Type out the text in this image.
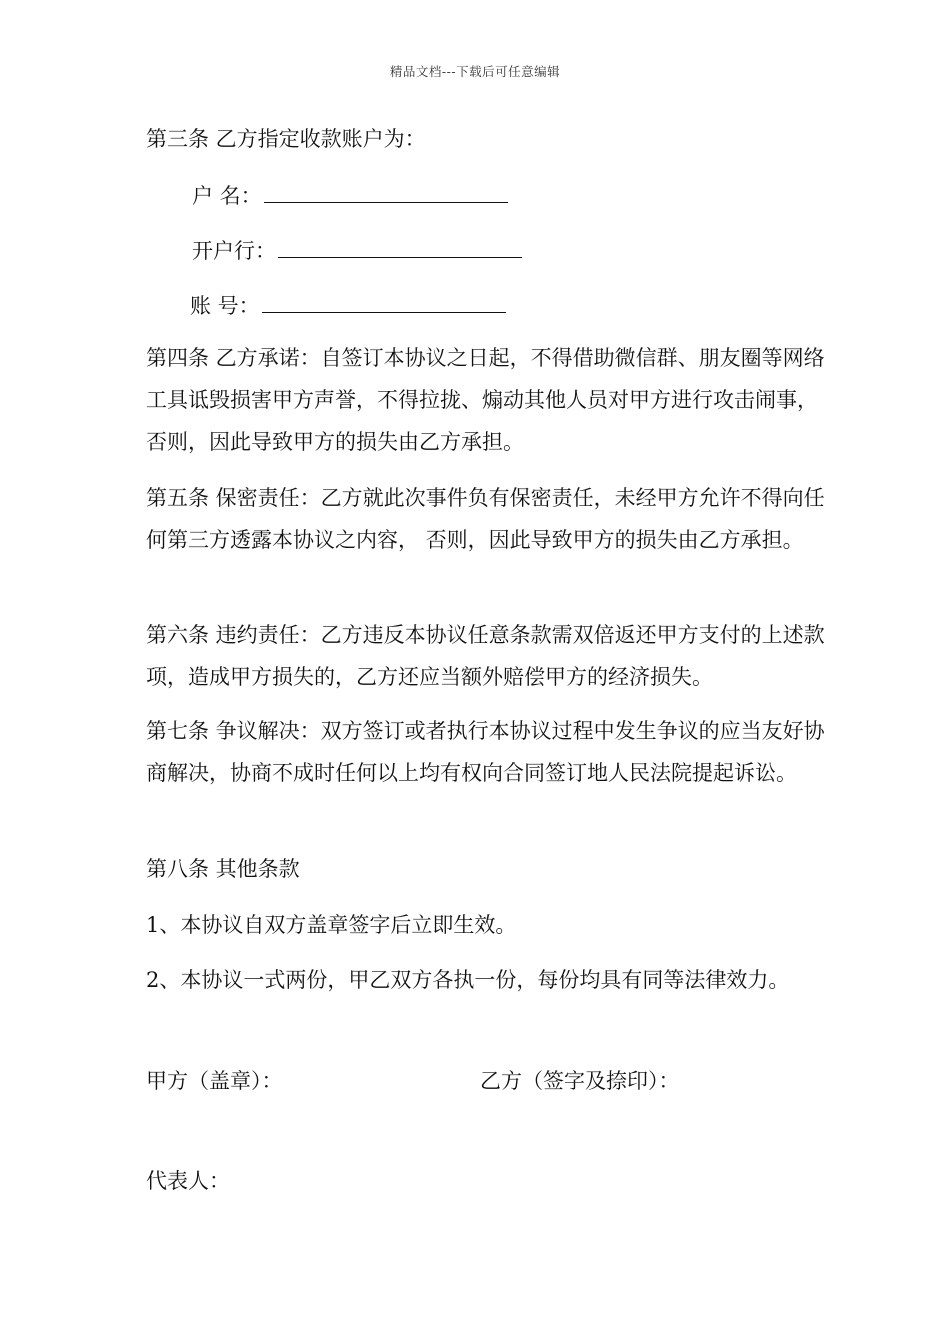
精品文档---下载后可任意编辑
第三条 乙方指定收款账户为：
户 名：
开户行：
账 号：
第四条 乙方承诺：自签订本协议之日起，不得借助微信群、朋友圈等网络工具诋毁损害甲方声誉，不得拉拢、煽动其他人员对甲方进行攻击闹事，否则，因此导致甲方的损失由乙方承担。
第五条 保密责任：乙方就此次事件负有保密责任，未经甲方允许不得向任何第三方透露本协议之内容， 否则，因此导致甲方的损失由乙方承担。
第六条 违约责任：乙方违反本协议任意条款需双倍返还甲方支付的上述款项，造成甲方损失的，乙方还应当额外赔偿甲方的经济损失。
第七条 争议解决：双方签订或者执行本协议过程中发生争议的应当友好协商解决，协商不成时任何以上均有权向合同签订地人民法院提起诉讼。
第八条 其他条款
1、本协议自双方盖章签字后立即生效。
2、本协议一式两份，甲乙双方各执一份，每份均具有同等法律效力。
甲方（盖章）：	乙方（签字及捺印）：
代表人：
